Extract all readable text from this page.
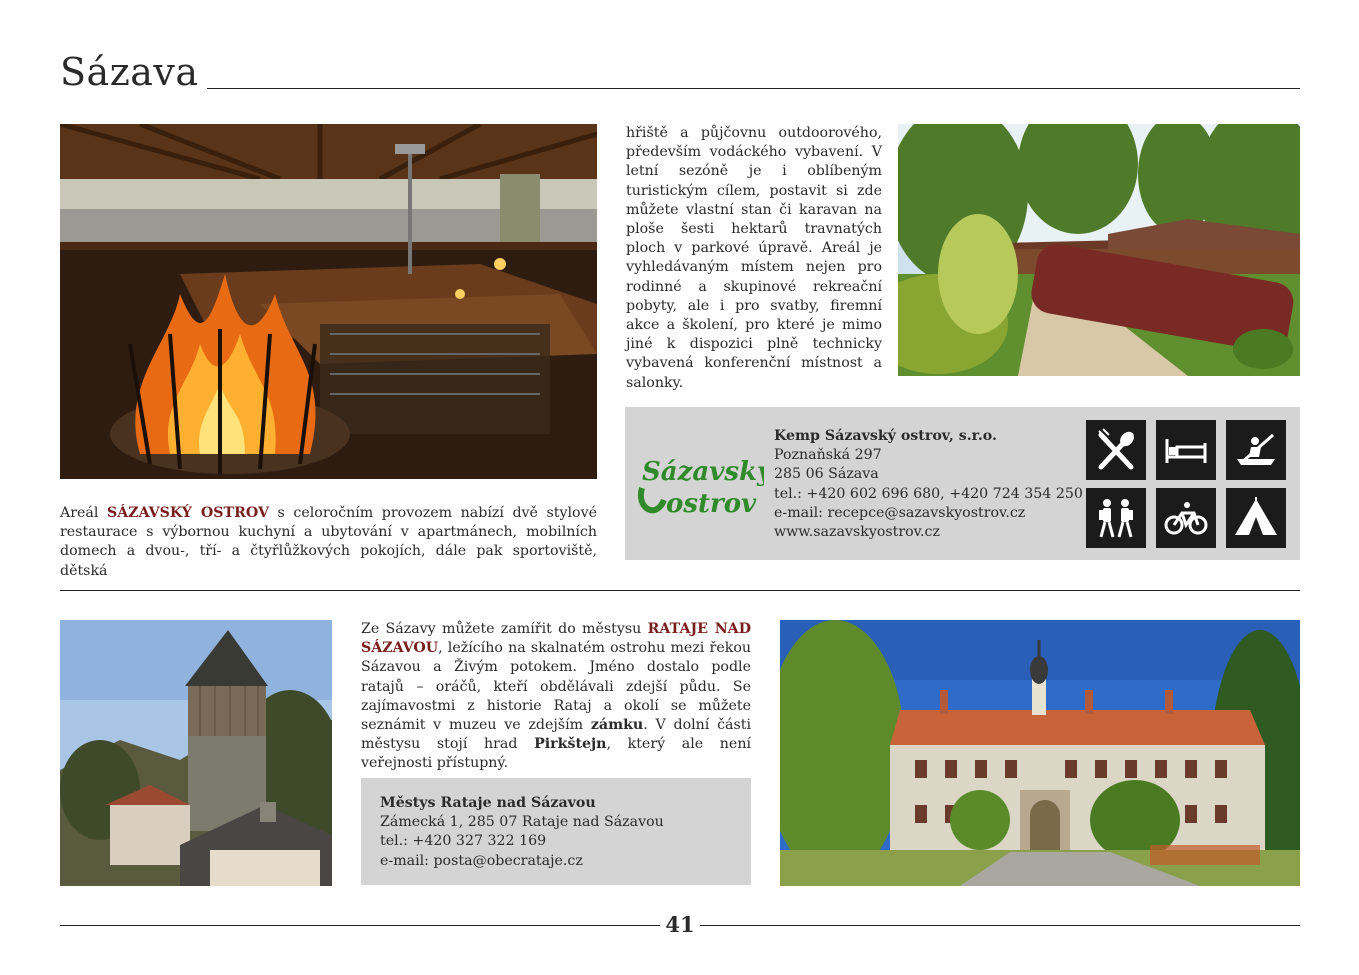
Sázava
Areál SÁZAVSKÝ OSTROV s celoročním provozem nabízí dvě stylové restaurace s výbornou kuchyní a ubytování v apartmánech, mobilních domech a dvou-, tří- a čtyřlůžkových pokojích, dále pak sportoviště, dětská
hřiště a půjčovnu outdoorového, především vodáckého vybavení. V letní sezóně je i oblíbeným turistickým cílem, postavit si zde můžete vlastní stan či karavan na ploše šesti hektarů travnatých ploch v parkové úpravě. Areál je vyhledávaným místem nejen pro rodinné a skupinové rekreační pobyty, ale i pro svatby, firemní akce a školení, pro které je mimo jiné k dispozici plně technicky vybavená konferenční místnost a salonky.
Sázavský
ostrov
Kemp Sázavský ostrov, s.r.o.
Poznaňská 297
285 06 Sázava
tel.: +420 602 696 680, +420 724 354 250
e-mail: recepce@sazavskyostrov.cz
www.sazavskyostrov.cz
Ze Sázavy můžete zamířit do městysu RATAJE NAD SÁZAVOU, ležícího na skalnatém ostrohu mezi řekou Sázavou a Živým potokem. Jméno dostalo podle ratajů – oráčů, kteří obdělávali zdejší půdu. Se zajímavostmi z historie Rataj a okolí se můžete seznámit v muzeu ve zdejším zámku. V dolní části městysu stojí hrad Pirkštejn, který ale není veřejnosti přístupný.
Městys Rataje nad Sázavou
Zámecká 1, 285 07 Rataje nad Sázavou
tel.: +420 327 322 169
e-mail: posta@obecrataje.cz
41
